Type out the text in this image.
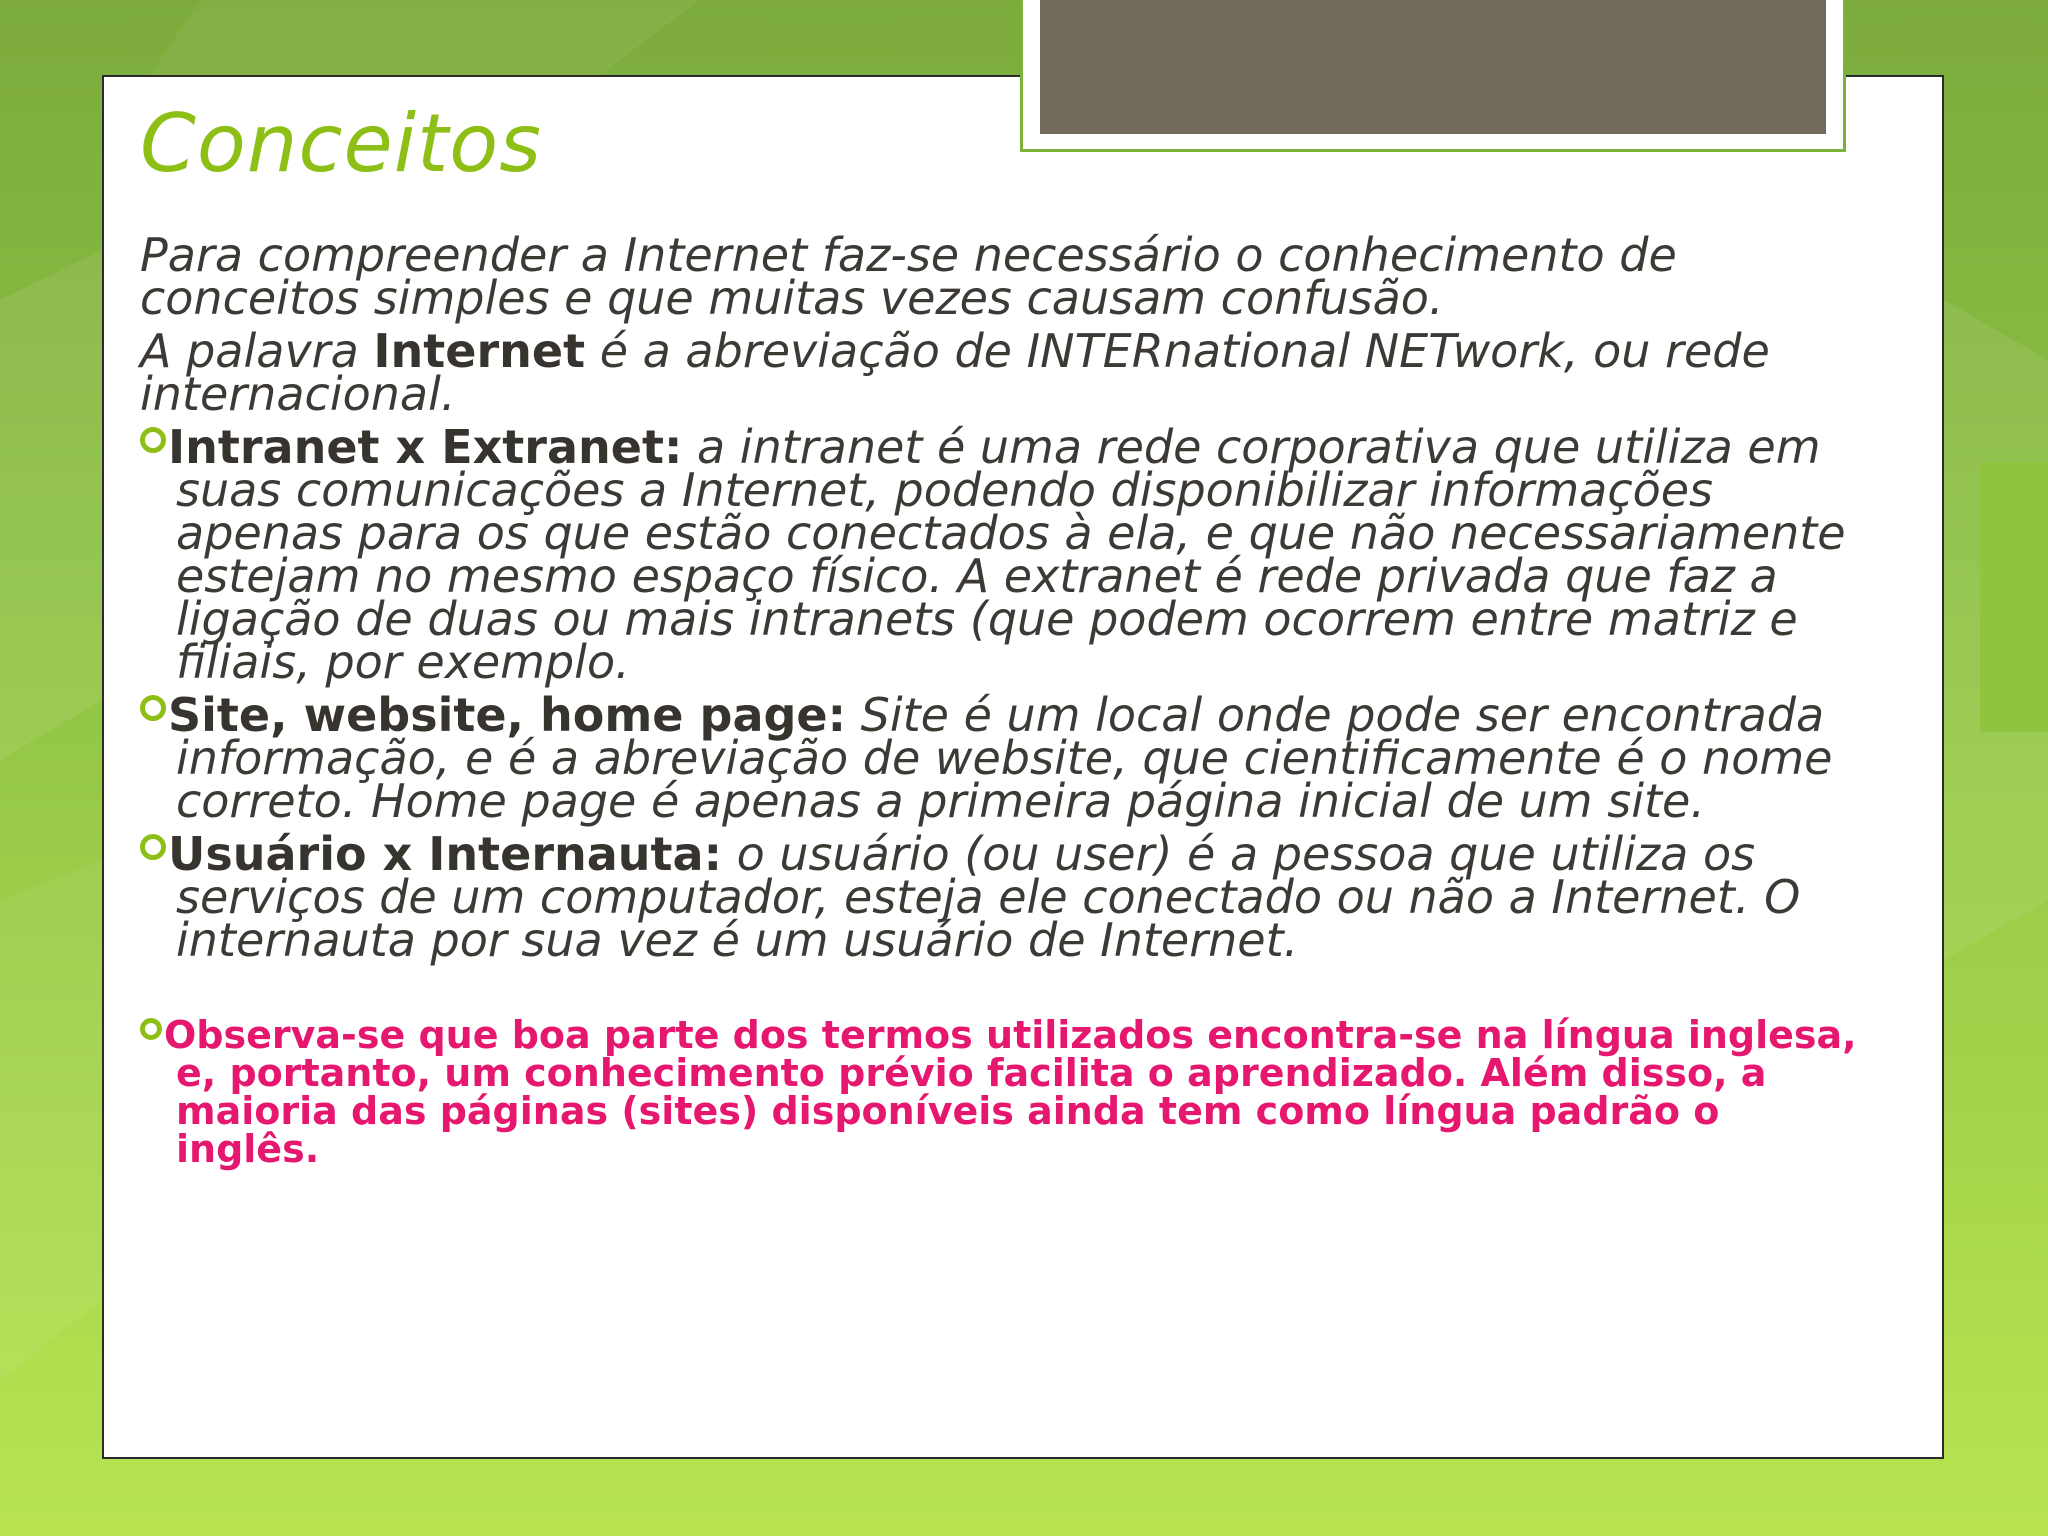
Conceitos

Para compreender a Internet faz-se necessário o conhecimento de conceitos simples e que muitas vezes causam confusão.

A palavra Internet é a abreviação de INTERnational NETwork, ou rede internacional.

Intranet x Extranet: a intranet é uma rede corporativa que utiliza em suas comunicações a Internet, podendo disponibilizar informações apenas para os que estão conectados à ela, e que não necessariamente estejam no mesmo espaço físico. A extranet é rede privada que faz a ligação de duas ou mais intranets (que podem ocorrem entre matriz e filiais, por exemplo.

Site, website, home page: Site é um local onde pode ser encontrada informação, e é a abreviação de website, que cientificamente é o nome correto. Home page é apenas a primeira página inicial de um site.

Usuário x Internauta: o usuário (ou user) é a pessoa que utiliza os serviços de um computador, esteja ele conectado ou não a Internet. O internauta por sua vez é um usuário de Internet.

Observa-se que boa parte dos termos utilizados encontra-se na língua inglesa, e, portanto, um conhecimento prévio facilita o aprendizado. Além disso, a maioria das páginas (sites) disponíveis ainda tem como língua padrão o inglês.
